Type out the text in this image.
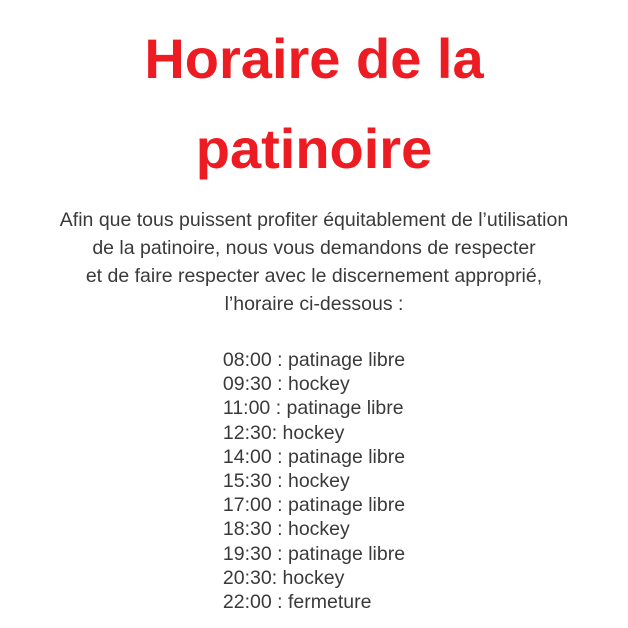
Horaire de la
patinoire
Afin que tous puissent profiter équitablement de l’utilisation
de la patinoire, nous vous demandons de respecter
et de faire respecter avec le discernement approprié,
l’horaire ci-dessous :
08:00 : patinage libre
09:30 : hockey
11:00 : patinage libre
12:30: hockey
14:00 : patinage libre
15:30 : hockey
17:00 : patinage libre
18:30 : hockey
19:30 : patinage libre
20:30: hockey
22:00 : fermeture
